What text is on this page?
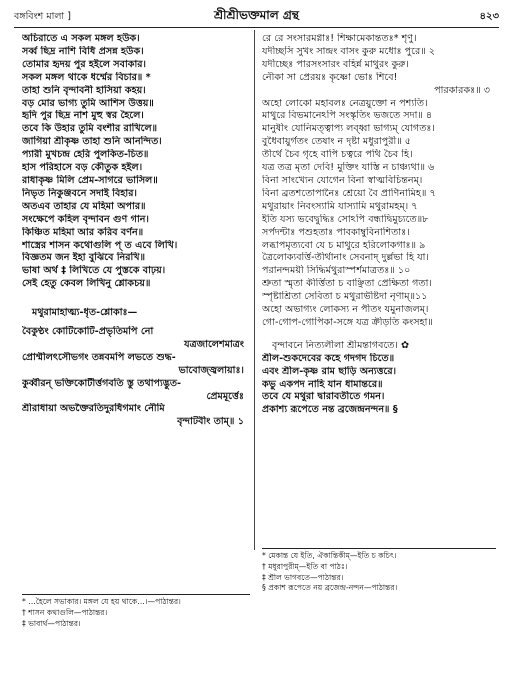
বঙ্গবিংশ মালা ]	শ্রীশ্রীভক্তমাল গ্রন্থ	৪২৩
অচিরাতে এ সকল মঙ্গল হউক।
সর্ব্ব ছিদ্র নাশি বিধি প্রসন্ন হউক।
তোমার হৃদয় পুর হইলে সবাকার।
সকল মঙ্গল থাকে ধর্ম্মের বিচার॥ *
তাহা শুনি বৃন্দাবনী হাসিয়া কহয়।
বড় মোর ভাগ্য তুমি আশিস উত্তয়॥
হৃদি পুর ছিদ্র নাশ মুহু স্বর হৈলে।
তবে কি উহার তুমি বংশীর রাখিলে॥
জাগিয়া শ্রীকৃষ্ণ তাহা শুনি আনন্দিত।
প্যারী মুখচন্দ্র হেরি পুলকিত-চিত॥
হাস পরিহাসে বড় কৌতুক হইল।
রাধাকৃষ্ণ মিলি প্রেম-সাগরে ভাসিল॥
নিভৃত নিকুঞ্জবনে সদাই বিহার।
অতএব তাহার যে মহিমা অপার॥
সংক্ষেপে কহিল বৃন্দাবন গুণ গান।
কিঞ্চিত মহিমা আর করিব বর্ণন॥
শাস্ত্রের শাসন কথোগুলি প্ ত এবে লিখি।
বিজ্ঞতম জন ইহা বুঝিবে নিরখি॥
ভাষা অর্থ ‡ লিখিতে যে পুস্তকে বাঢ়য়।
সেই হেতু কেবল লিখিনু শ্লোকচয়॥
মথুরামাহাত্ম্য-ধৃত-শ্লোকাঃ—
বৈকুণ্ঠং কোটিকোটি-প্রভৃতিমপি নো
যত্রজালেশমাত্রং
প্রোম্মীলৎসৌভগং তন্নবমপি লভতে শুদ্ধ-
ভাবোজ্জ্বলায়াঃ।
কুর্ব্বীরন্ ভক্তিকোটীর্ত্তগবতি স্তু তথাপ্যদ্ভুত-
প্রেমমূর্ত্তেঃ
শ্রীরাধায়া অভক্তৈরতিদুরধিগমাং নৌমি
বৃন্দাটবীং তাম্॥ ১
রে রে সংসারমগ্নাঃ! শিক্ষামেকান্ততঃ* শৃণু।
যদীচ্ছসি সুখং সান্দ্রং বাসং কুরু মধোঃ পুরে॥ ২
যদীচ্ছেঃ পারসংসারং বহির্ন্ন মাথুরং কুরু।
নৌকা সা প্রেরয়ঃ কৃষ্ণো ভোঃ শিবে!
পারকারকঃ॥ ৩
অহো লোকো মহাবলঃ নেত্রয়ুক্তো ন পশ্যতি।
মাথুরে বিভমানেঽপি সংস্কৃতিং ভজতে সদা॥ ৪
মানুষীং যোনিমত্ত্বাপ্য লব্ধ্বা ভাগ্যম্ যোগতঃ।
বুধৈবায়ুর্গতং তেষাং ন দৃষ্টা মধুরাপুরী॥ ৫
তীর্থে চৈব গৃহে বাপি চত্বরে পথি চৈব হি।
যত্র তত্র মৃতা দেবি! মুক্তিং যাস্তি ন চাঞ্চ্যথা॥ ৬
বিনা সাংখ্যেন যোগেন বিনা স্বাত্মবিচিন্তনম্।
বিনা ব্রতশতোপানৈঃ শ্রেয়ো বৈ প্রাণিনামিহ॥ ৭
মথুরায়াং নিবংস্যামি যাস্যামি মথুরামহম্। ৭
ইতি যস্য ভবেদ্বুদ্ধিঃ সোঽপি বন্ধাদ্বিমুচ্যতে॥৮
সর্পদন্টাঃ পশুহতাঃ পাবকাম্বুবিনাশিতাঃ।
লব্ধাপমৃত্যবো যে চ মাথুরে হরিলোকগাঃ॥ ৯
ত্রৈলোক্যবর্ত্তি-তীর্থানাং সেবনাদ্ দুর্ল্লভা হি যা।
পরানন্দময়ী সিদ্ধির্মথুরাস্পর্শমাত্রতঃ॥ ১০
শ্রুতা স্মৃতা কীর্ত্তিতা চ বাঞ্ছিতা প্রেক্ষিতা গতা।
স্পৃষ্টাশ্রিতা সেবিতা চ মথুরাভীষ্টদা নৃণাম্॥১১
অহো অভাগ্যং লোকস্য ন পীতং যমুনাজলম্।
গো-গোপ-গোপিকা-সঙ্গে যত্র ক্রীড়তি কংসহা॥
বৃন্দাবনে নিত্যলীলা শ্রীমন্তাগবতে। ✿
শ্রীল-শুকদেবের কহে গদগদ চিতে॥
এবং শ্রীল-কৃষ্ণ রাম ছাড়ি অন্যত্তরে।
কভু একপদ নাহি যান ধামান্তরে॥
তবে যে মথুরা দ্বারাবতীতে গমন।
প্রকাশ্য রূপেতে নন্ত ব্রজেন্দ্রনন্দন॥ §
* মেকান্ত যে ইতি, ঐকান্তিকীম্—ইতি চ কচিৎ।
† মধুরাপুরীম্—ইতি বা পাঠঃ।
‡ শ্রীল ভাগবতে—পাঠান্তর।
§ প্রকাশ রূপেতে নয় ব্রজেন্দ্র-নন্দন—পাঠান্তর।
* …হৈলে সভাকার। মঙ্গল যে হয় থাকে…।—পাঠান্তর।
† শাসন কথাগুলি—পাঠান্তর।
‡ ভাবার্থ—পাঠান্তর।
